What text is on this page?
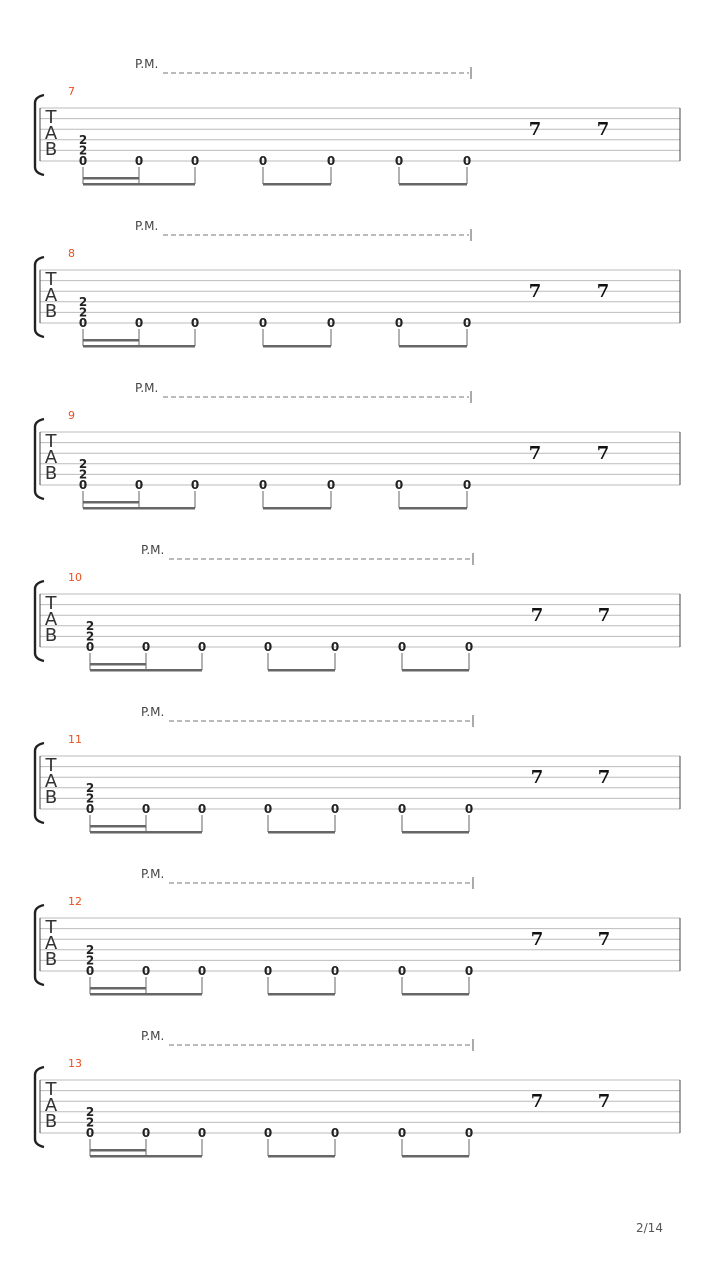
P.M.
7
T
A
B 2
2
0	0	0	0	0	0	0
7	7
P.M.
8
T
A
B 2
2
0	0	0	0	0	0	0
7	7
P.M.
9
T
A
B 2
2
0	0	0	0	0	0	0
7	7
P.M.
10
T
A
B 2
2
0	0	0	0	0	0	0
7	7
P.M.
11
T
A
B 2
2
0	0	0	0	0	0	0
7	7
P.M.
12
T
A
B 2
2
0	0	0	0	0	0	0
7	7
P.M.
13
T
A
B 2
2
0	0	0	0	0	0	0
7	7
2/14
